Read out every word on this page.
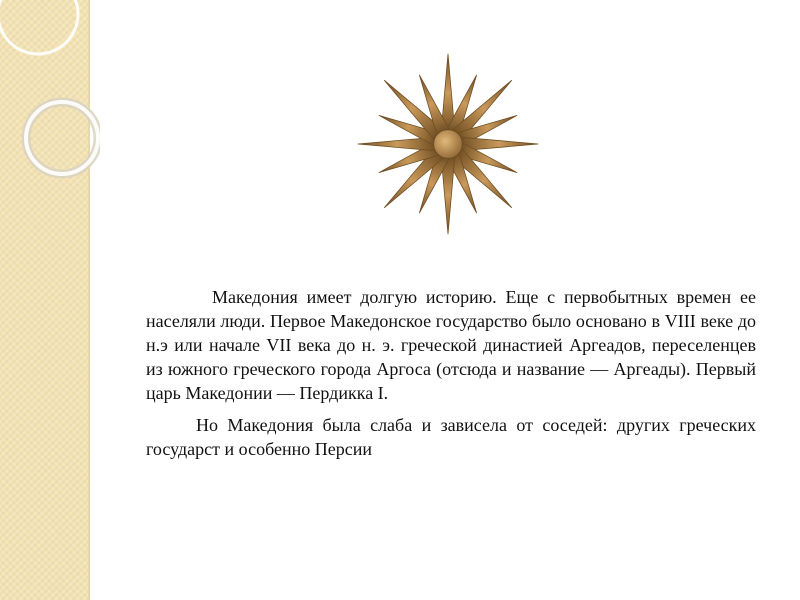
Македония имеет долгую историю. Еще с первобытных времен ее населяли люди. Первое Македонское государство было основано в VIII веке до н.э или начале VII века до н. э. греческой династией Аргеадов, переселенцев из южного греческого города Аргоса (отсюда и название — Аргеады). Первый царь Македонии — Пердикка I.

Но Македония была слаба и зависела от соседей: других греческих государст и особенно Персии
